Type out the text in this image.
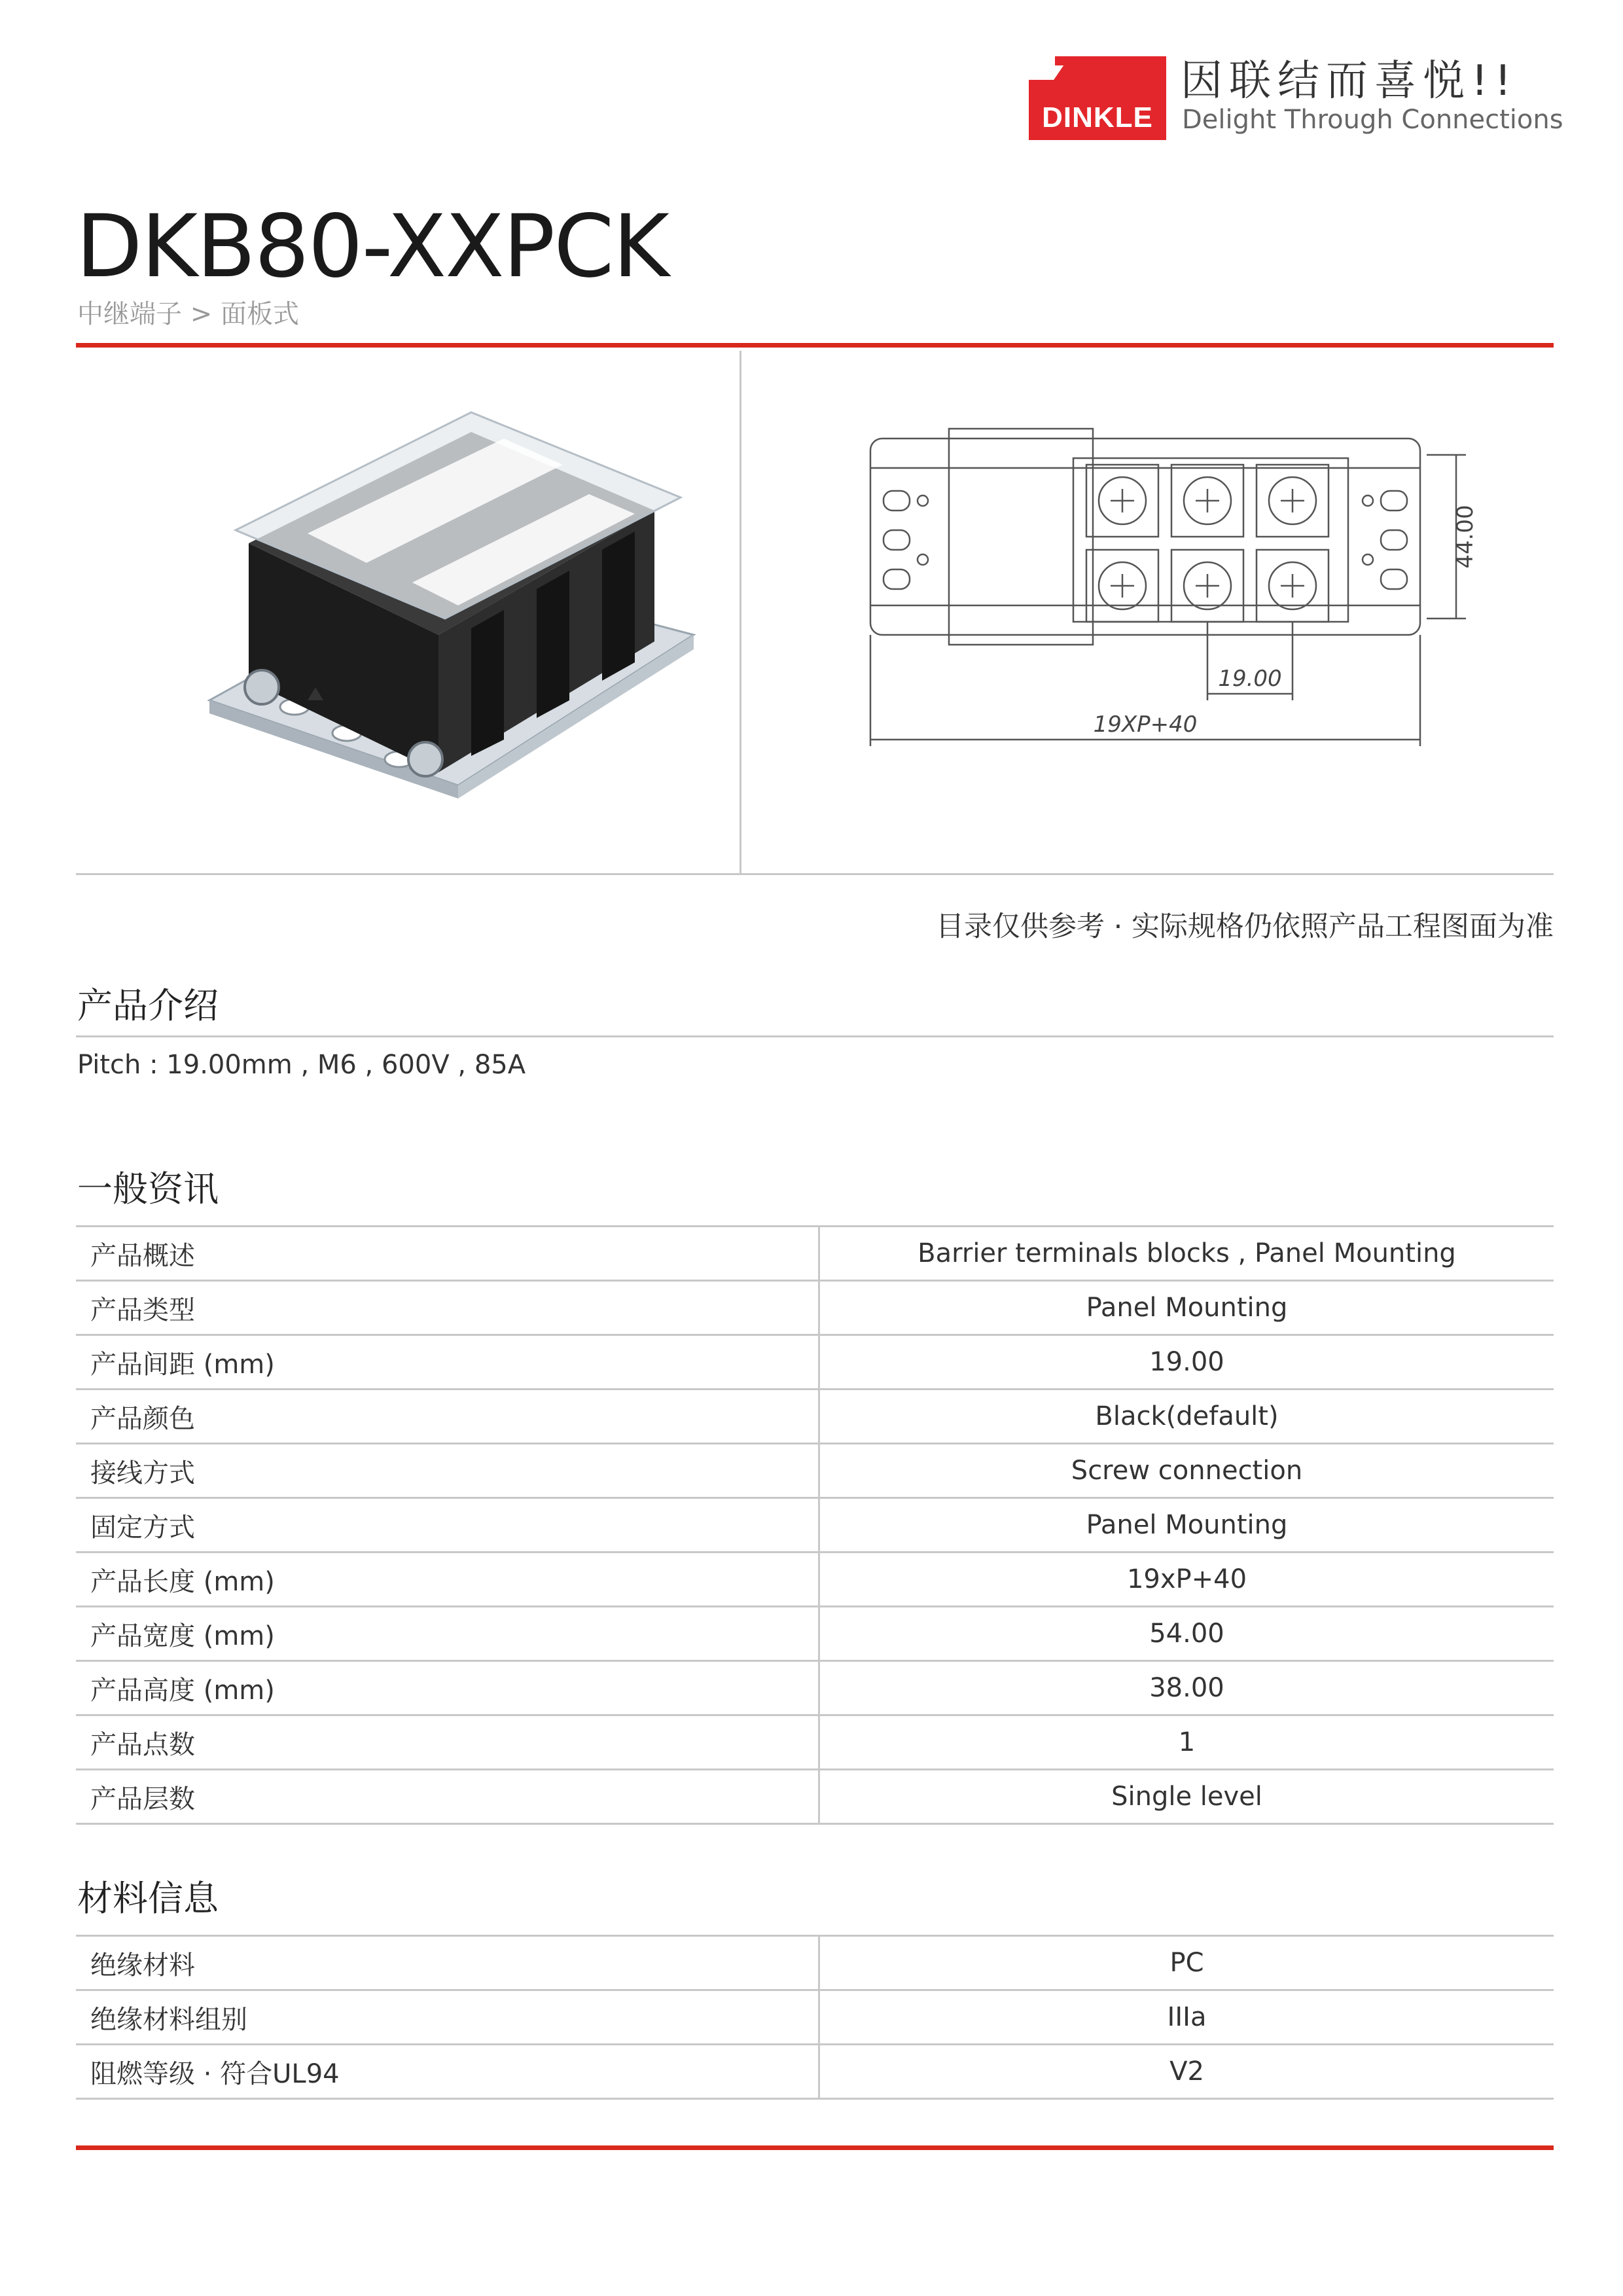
DINKLE
因联结而喜悦!!
Delight Through Connections
DKB80-XXPCK
中继端子 > 面板式
44.00
19.00
19XP+40
目录仅供参考 · 实际规格仍依照产品工程图面为准
产品介绍
Pitch : 19.00mm , M6 , 600V , 85A
一般资讯
产品概述	Barrier terminals blocks , Panel Mounting
产品类型	Panel Mounting
产品间距 (mm)	19.00
产品颜色	Black(default)
接线方式	Screw connection
固定方式	Panel Mounting
产品长度 (mm)	19xP+40
产品宽度 (mm)	54.00
产品高度 (mm)	38.00
产品点数	1
产品层数	Single level
材料信息
绝缘材料	PC
绝缘材料组别	IIIa
阻燃等级 · 符合UL94	V2
